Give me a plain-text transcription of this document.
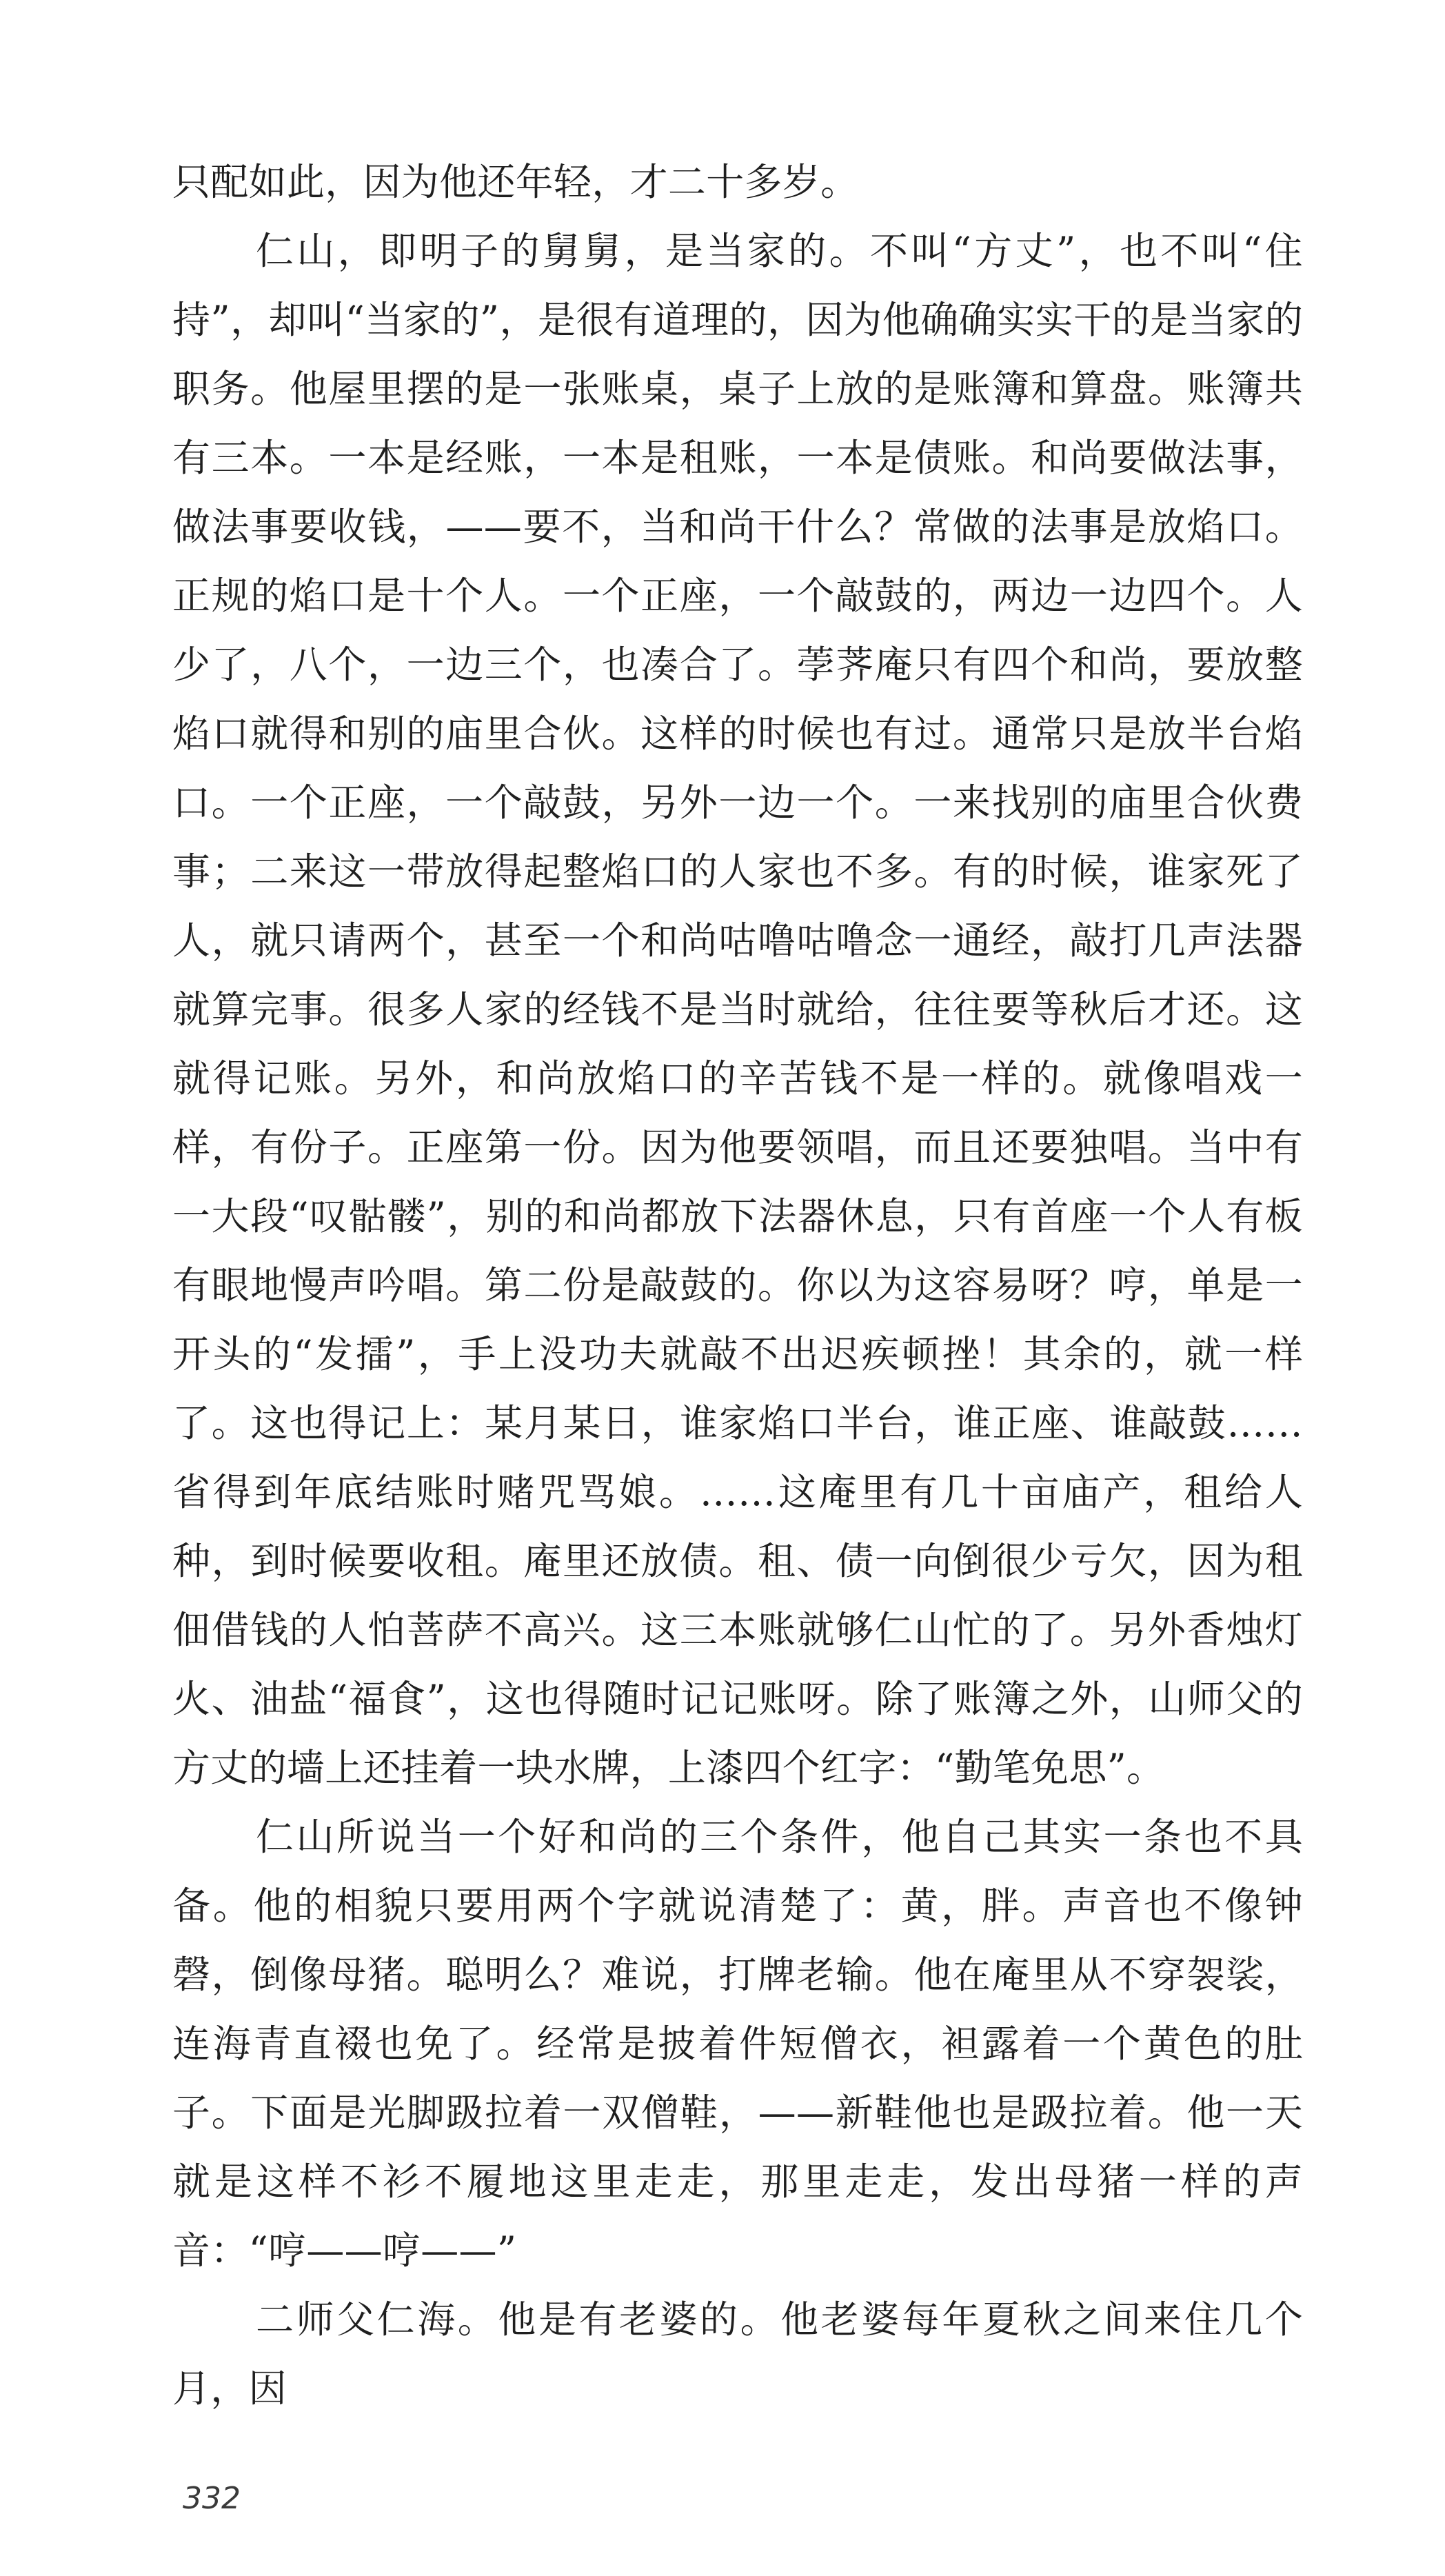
只配如此，因为他还年轻，才二十多岁。

仁山，即明子的舅舅，是当家的。不叫“方丈”，也不叫“住持”，却叫“当家的”，是很有道理的，因为他确确实实干的是当家的职务。他屋里摆的是一张账桌，桌子上放的是账簿和算盘。账簿共有三本。一本是经账，一本是租账，一本是债账。和尚要做法事，做法事要收钱，——要不，当和尚干什么？常做的法事是放焰口。正规的焰口是十个人。一个正座，一个敲鼓的，两边一边四个。人少了，八个，一边三个，也凑合了。荸荠庵只有四个和尚，要放整焰口就得和别的庙里合伙。这样的时候也有过。通常只是放半台焰口。一个正座，一个敲鼓，另外一边一个。一来找别的庙里合伙费事；二来这一带放得起整焰口的人家也不多。有的时候，谁家死了人，就只请两个，甚至一个和尚咕噜咕噜念一通经，敲打几声法器就算完事。很多人家的经钱不是当时就给，往往要等秋后才还。这就得记账。另外，和尚放焰口的辛苦钱不是一样的。就像唱戏一样，有份子。正座第一份。因为他要领唱，而且还要独唱。当中有一大段“叹骷髅”，别的和尚都放下法器休息，只有首座一个人有板有眼地慢声吟唱。第二份是敲鼓的。你以为这容易呀？哼，单是一开头的“发擂”，手上没功夫就敲不出迟疾顿挫！其余的，就一样了。这也得记上：某月某日，谁家焰口半台，谁正座、谁敲鼓……省得到年底结账时赌咒骂娘。……这庵里有几十亩庙产，租给人种，到时候要收租。庵里还放债。租、债一向倒很少亏欠，因为租佃借钱的人怕菩萨不高兴。这三本账就够仁山忙的了。另外香烛灯火、油盐“福食”，这也得随时记记账呀。除了账簿之外，山师父的方丈的墙上还挂着一块水牌，上漆四个红字：“勤笔免思”。

仁山所说当一个好和尚的三个条件，他自己其实一条也不具备。他的相貌只要用两个字就说清楚了：黄，胖。声音也不像钟磬，倒像母猪。聪明么？难说，打牌老输。他在庵里从不穿袈裟，连海青直裰也免了。经常是披着件短僧衣，袒露着一个黄色的肚子。下面是光脚趿拉着一双僧鞋，——新鞋他也是趿拉着。他一天就是这样不衫不履地这里走走，那里走走，发出母猪一样的声音：“哼——哼——”

二师父仁海。他是有老婆的。他老婆每年夏秋之间来住几个月，因

332
